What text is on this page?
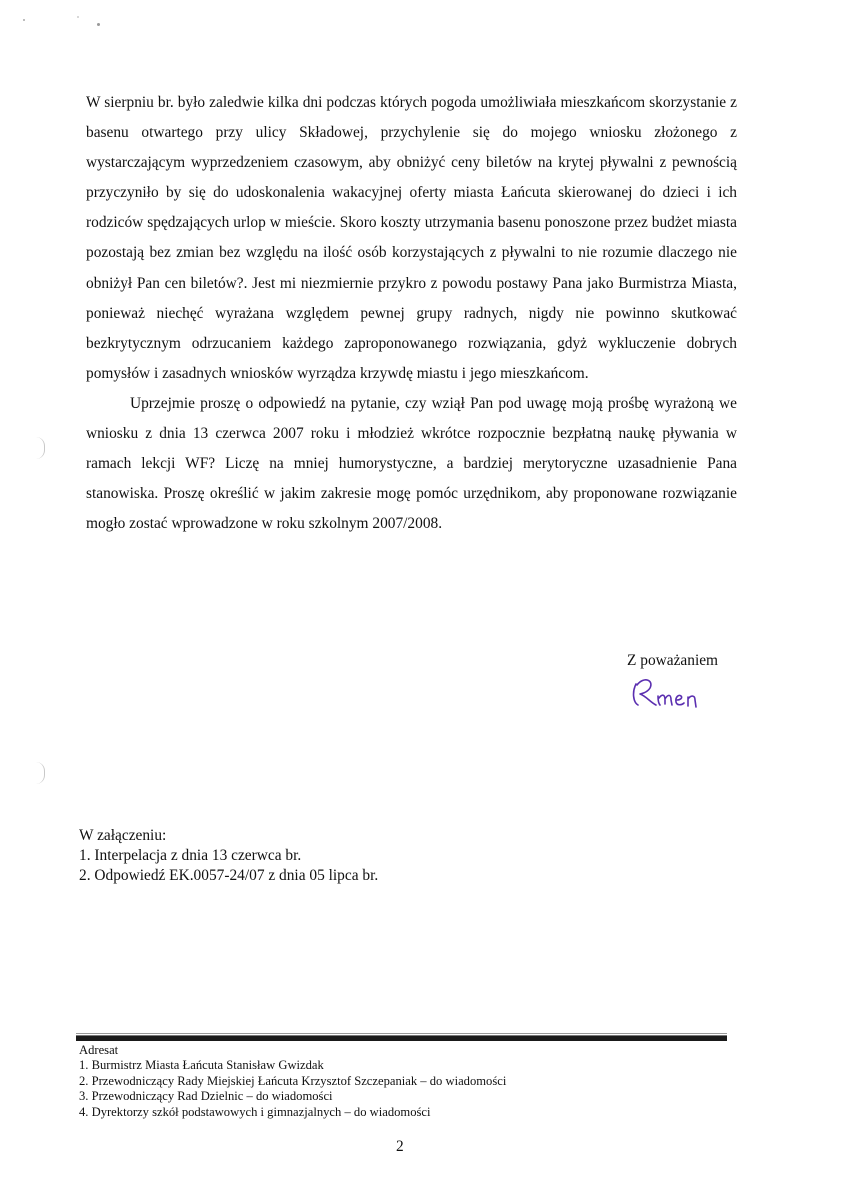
W sierpniu br. było zaledwie kilka dni podczas których pogoda umożliwiała mieszkańcom skorzystanie z basenu otwartego przy ulicy Składowej, przychylenie się do mojego wniosku złożonego z wystarczającym wyprzedzeniem czasowym, aby obniżyć ceny biletów na krytej pływalni z pewnością przyczyniło by się do udoskonalenia wakacyjnej oferty miasta Łańcuta skierowanej do dzieci i ich rodziców spędzających urlop w mieście. Skoro koszty utrzymania basenu ponoszone przez budżet miasta pozostają bez zmian bez względu na ilość osób korzystających z pływalni to nie rozumie dlaczego nie obniżył Pan cen biletów?. Jest mi niezmiernie przykro z powodu postawy Pana jako Burmistrza Miasta, ponieważ niechęć wyrażana względem pewnej grupy radnych, nigdy nie powinno skutkować bezkrytycznym odrzucaniem każdego zaproponowanego rozwiązania, gdyż wykluczenie dobrych pomysłów i zasadnych wniosków wyrządza krzywdę miastu i jego mieszkańcom.

Uprzejmie proszę o odpowiedź na pytanie, czy wziął Pan pod uwagę moją prośbę wyrażoną we wniosku z dnia 13 czerwca 2007 roku i młodzież wkrótce rozpocznie bezpłatną naukę pływania w ramach lekcji WF? Liczę na mniej humorystyczne, a bardziej merytoryczne uzasadnienie Pana stanowiska. Proszę określić w jakim zakresie mogę pomóc urzędnikom, aby proponowane rozwiązanie mogło zostać wprowadzone w roku szkolnym 2007/2008.

Z poważaniem
W załączeniu:
1. Interpelacja z dnia 13 czerwca br.
2. Odpowiedź EK.0057-24/07 z dnia 05 lipca br.
Adresat
1. Burmistrz Miasta Łańcuta Stanisław Gwizdak
2. Przewodniczący Rady Miejskiej Łańcuta Krzysztof Szczepaniak – do wiadomości
3. Przewodniczący Rad Dzielnic – do wiadomości
4. Dyrektorzy szkół podstawowych i gimnazjalnych – do wiadomości
2
